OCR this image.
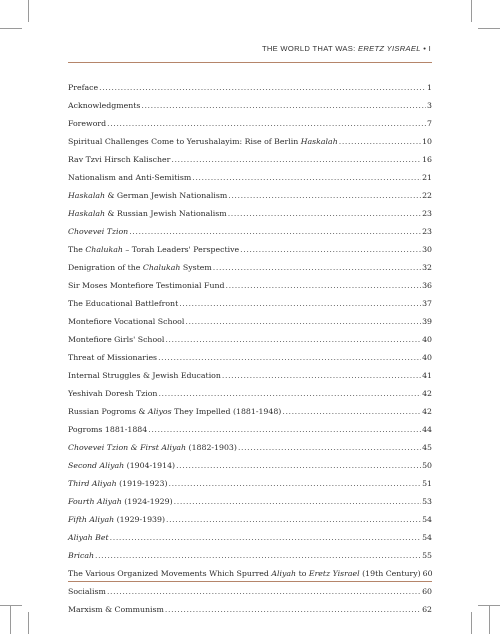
THE WORLD THAT WAS: ERETZ YISRAEL • I
Preface .....	1
Acknowledgments .....	3
Foreword .....	7
Spiritual Challenges Come to Yerushalayim: Rise of Berlin Haskalah .....	10
Rav Tzvi Hirsch Kalischer .....	16
Nationalism and Anti-Semitism .....	21
Haskalah & German Jewish Nationalism .....	22
Haskalah & Russian Jewish Nationalism .....	23
Chovevei Tzion .....	23
The Chalukah – Torah Leaders' Perspective .....	30
Denigration of the Chalukah System .....	32
Sir Moses Montefiore Testimonial Fund .....	36
The Educational Battlefront .....	37
Montefiore Vocational School .....	39
Montefiore Girls' School .....	40
Threat of Missionaries .....	40
Internal Struggles & Jewish Education .....	41
Yeshivah Doresh Tzion .....	42
Russian Pogroms & Aliyos They Impelled (1881-1948) .....	42
Pogroms 1881-1884 .....	44
Chovevei Tzion & First Aliyah (1882-1903) .....	45
Second Aliyah (1904-1914) .....	50
Third Aliyah (1919-1923) .....	51
Fourth Aliyah (1924-1929) .....	53
Fifth Aliyah (1929-1939) .....	54
Aliyah Bet .....	54
Bricah .....	55
The Various Organized Movements Which Spurred Aliyah to Eretz Yisrael (19th Century) 60
Socialism .....	60
Marxism & Communism .....	62
